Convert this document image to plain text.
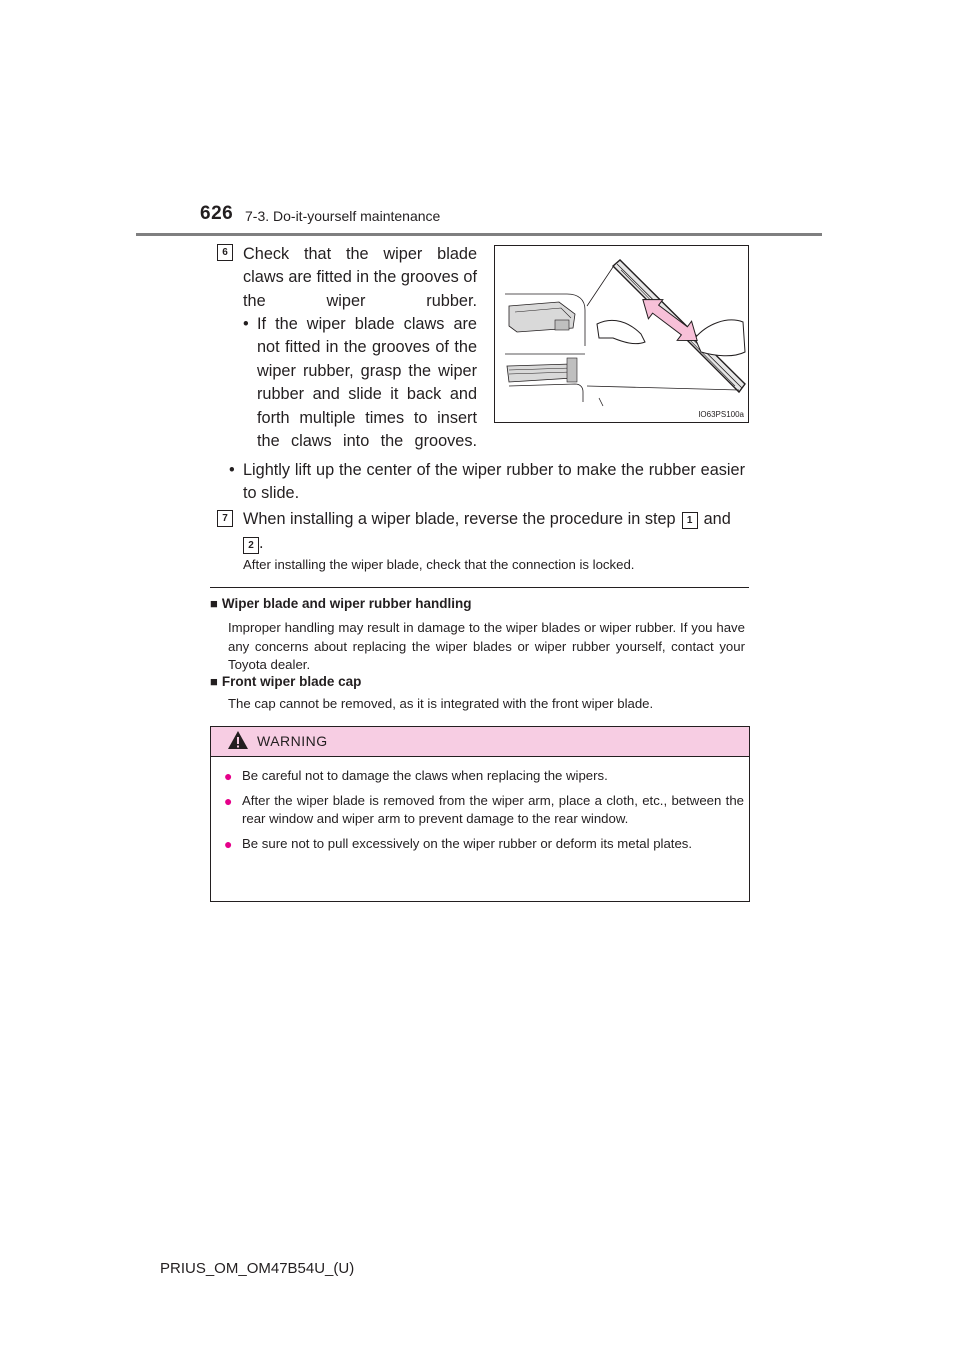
626 7-3. Do-it-yourself maintenance
6 Check that the wiper blade claws are fitted in the grooves of the wiper rubber.
• If the wiper blade claws are not fitted in the grooves of the wiper rubber, grasp the wiper rubber and slide it back and forth multiple times to insert the claws into the grooves.
• Lightly lift up the center of the wiper rubber to make the rubber easier to slide.
IO63PS100a
7 When installing a wiper blade, reverse the procedure in step 1 and
2 .
After installing the wiper blade, check that the connection is locked.
■ Wiper blade and wiper rubber handling
Improper handling may result in damage to the wiper blades or wiper rubber. If you have any concerns about replacing the wiper blades or wiper rubber yourself, contact your Toyota dealer.
■ Front wiper blade cap
The cap cannot be removed, as it is integrated with the front wiper blade.
WARNING
● Be careful not to damage the claws when replacing the wipers.
● After the wiper blade is removed from the wiper arm, place a cloth, etc., between the rear window and wiper arm to prevent damage to the rear window.
● Be sure not to pull excessively on the wiper rubber or deform its metal plates.
PRIUS_OM_OM47B54U_(U)
